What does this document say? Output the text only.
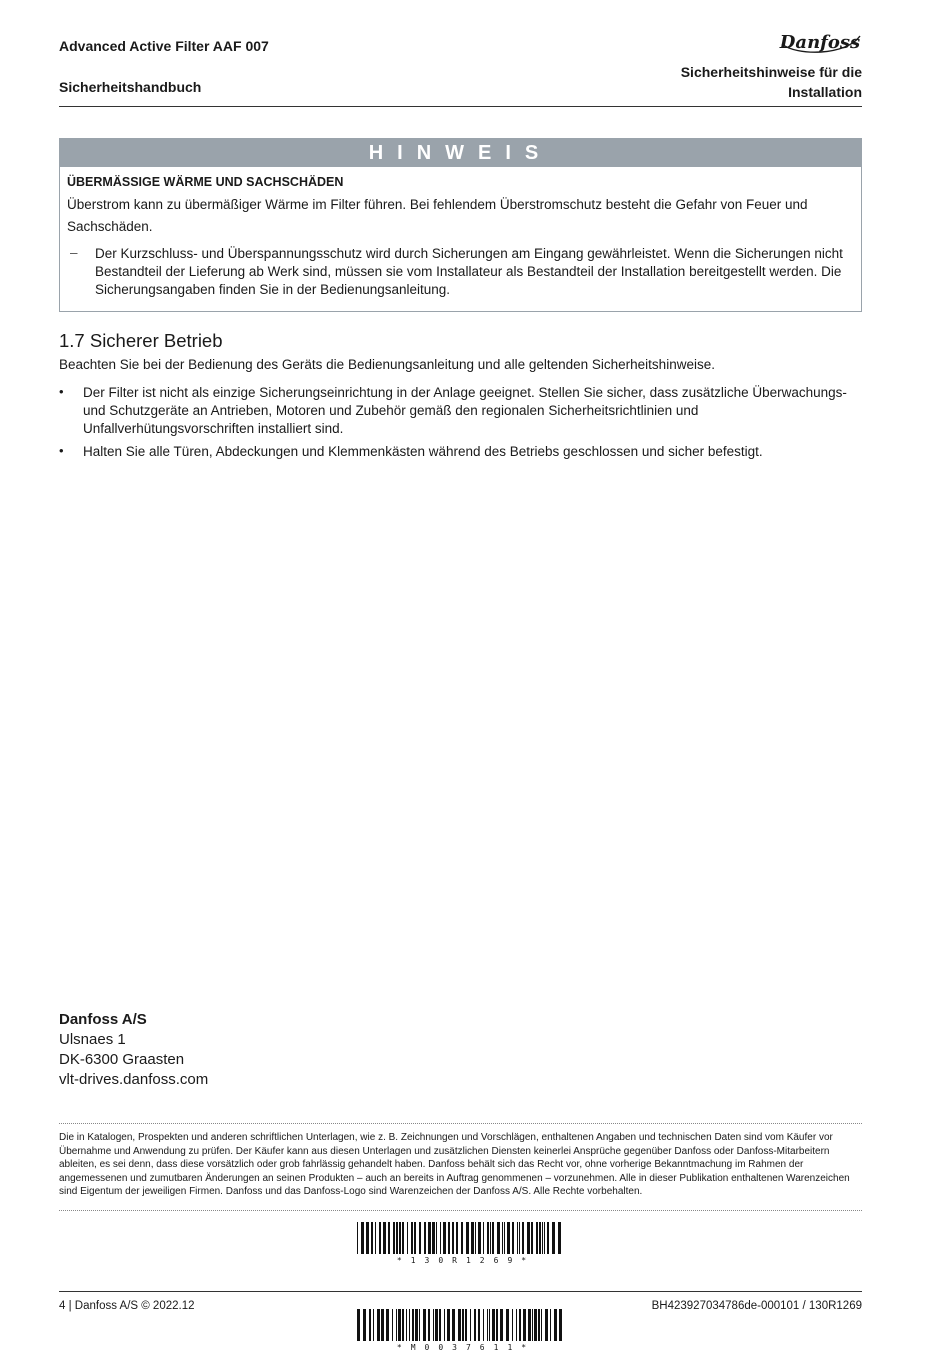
Advanced Active Filter AAF 007
Sicherheitshandbuch
Danfoss
Sicherheitshinweise für die
Installation
HINWEIS
ÜBERMÄSSIGE WÄRME UND SACHSCHÄDEN
Überstrom kann zu übermäßiger Wärme im Filter führen. Bei fehlendem Überstromschutz besteht die Gefahr von Feuer und Sachschäden.
– Der Kurzschluss- und Überspannungsschutz wird durch Sicherungen am Eingang gewährleistet. Wenn die Sicherungen nicht Bestandteil der Lieferung ab Werk sind, müssen sie vom Installateur als Bestandteil der Installation bereitgestellt werden. Die Sicherungsangaben finden Sie in der Bedienungsanleitung.
1.7 Sicherer Betrieb
Beachten Sie bei der Bedienung des Geräts die Bedienungsanleitung und alle geltenden Sicherheitshinweise.
• Der Filter ist nicht als einzige Sicherungseinrichtung in der Anlage geeignet. Stellen Sie sicher, dass zusätzliche Überwachungs- und Schutzgeräte an Antrieben, Motoren und Zubehör gemäß den regionalen Sicherheitsrichtlinien und Unfallverhütungsvorschriften installiert sind.
• Halten Sie alle Türen, Abdeckungen und Klemmenkästen während des Betriebs geschlossen und sicher befestigt.
Danfoss A/S
Ulsnaes 1
DK-6300 Graasten
vlt-drives.danfoss.com
Die in Katalogen, Prospekten und anderen schriftlichen Unterlagen, wie z. B. Zeichnungen und Vorschlägen, enthaltenen Angaben und technischen Daten sind vom Käufer vor Übernahme und Anwendung zu prüfen. Der Käufer kann aus diesen Unterlagen und zusätzlichen Diensten keinerlei Ansprüche gegenüber Danfoss oder Danfoss-Mitarbeitern ableiten, es sei denn, dass diese vorsätzlich oder grob fahrlässig gehandelt haben. Danfoss behält sich das Recht vor, ohne vorherige Bekanntmachung im Rahmen der angemessenen und zumutbaren Änderungen an seinen Produkten – auch an bereits in Auftrag genommenen – vorzunehmen. Alle in dieser Publikation enthaltenen Warenzeichen sind Eigentum der jeweiligen Firmen. Danfoss und das Danfoss-Logo sind Warenzeichen der Danfoss A/S. Alle Rechte vorbehalten.
*130R1269*
4 | Danfoss A/S © 2022.12	BH423927034786de-000101 / 130R1269
*M0037611*
